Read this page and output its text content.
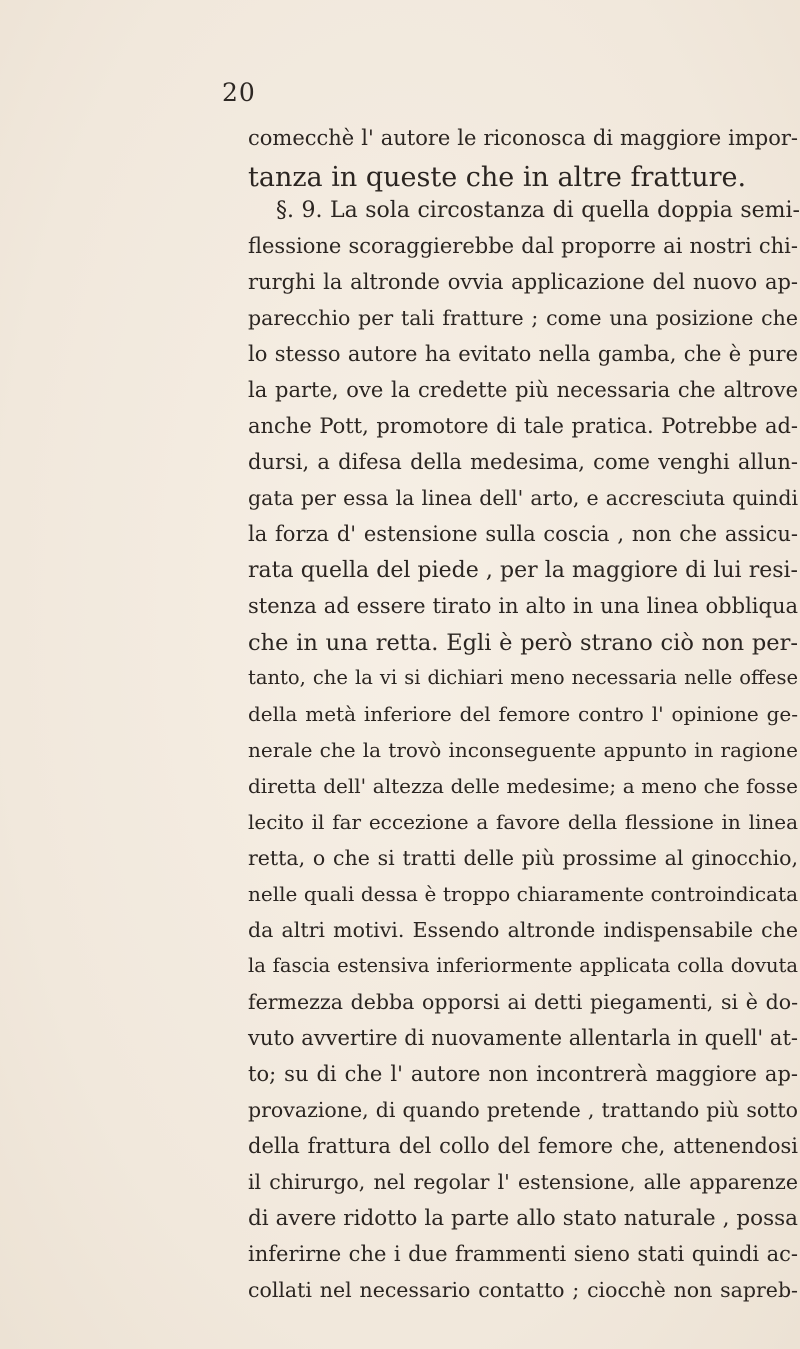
20
comecchè l' autore le riconosca di maggiore impor-
tanza in queste che in altre fratture.
§. 9. La sola circostanza di quella doppia semi-
flessione scoraggierebbe dal proporre ai nostri chi-
rurghi la altronde ovvia applicazione del nuovo ap-
parecchio per tali fratture ; come una posizione che
lo stesso autore ha evitato nella gamba, che è pure
la parte, ove la credette più necessaria che altrove
anche Pott, promotore di tale pratica. Potrebbe ad-
dursi, a difesa della medesima, come venghi allun-
gata per essa la linea dell' arto, e accresciuta quindi
la forza d' estensione sulla coscia , non che assicu-
rata quella del piede , per la maggiore di lui resi-
stenza ad essere tirato in alto in una linea obbliqua
che in una retta. Egli è però strano ciò non per-
tanto, che la vi si dichiari meno necessaria nelle offese
della metà inferiore del femore contro l' opinione ge-
nerale che la trovò inconseguente appunto in ragione
diretta dell' altezza delle medesime; a meno che fosse
lecito il far eccezione a favore della flessione in linea
retta, o che si tratti delle più prossime al ginocchio,
nelle quali dessa è troppo chiaramente controindicata
da altri motivi. Essendo altronde indispensabile che
la fascia estensiva inferiormente applicata colla dovuta
fermezza debba opporsi ai detti piegamenti, si è do-
vuto avvertire di nuovamente allentarla in quell' at-
to; su di che l' autore non incontrerà maggiore ap-
provazione, di quando pretende , trattando più sotto
della frattura del collo del femore che, attenendosi
il chirurgo, nel regolar l' estensione, alle apparenze
di avere ridotto la parte allo stato naturale , possa
inferirne che i due frammenti sieno stati quindi ac-
collati nel necessario contatto ; ciocchè non sapreb-
